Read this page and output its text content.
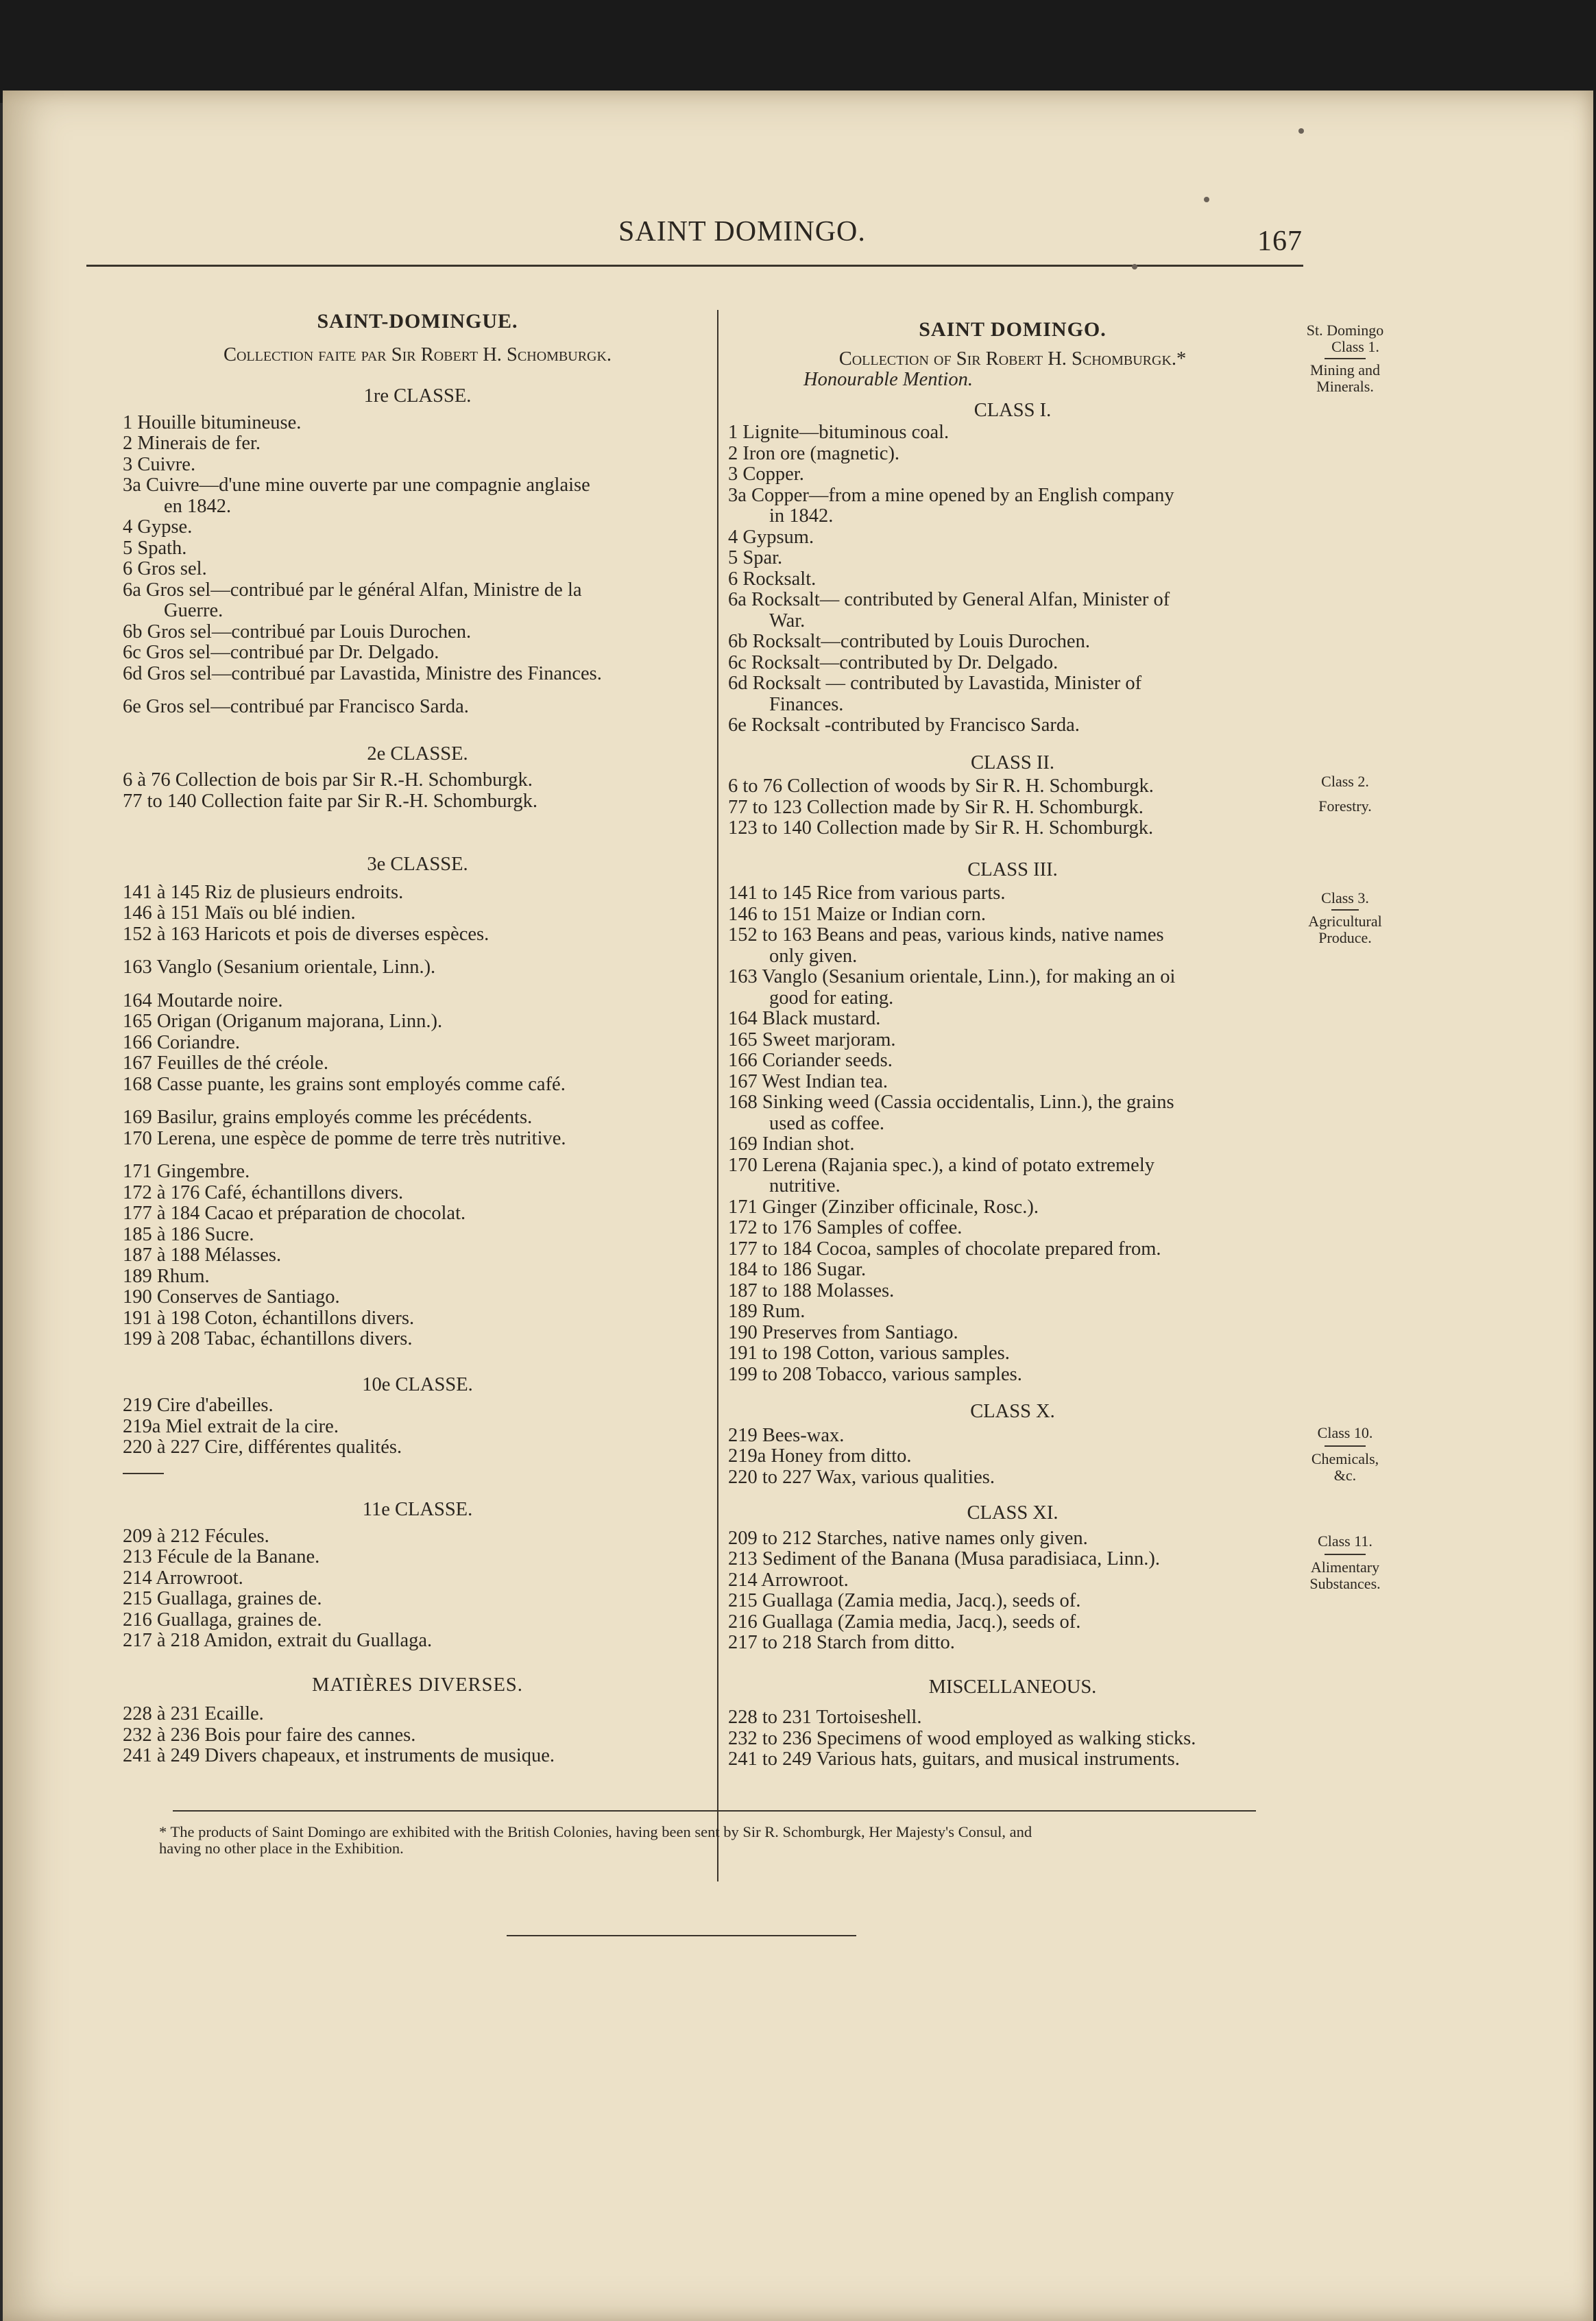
SAINT DOMINGO.	167
SAINT-DOMINGUE.
Collection faite par Sir Robert H. Schomburgk.
1re CLASSE.
1 Houille bitumineuse.
2 Minerais de fer.
3 Cuivre.
3a Cuivre—d'une mine ouverte par une compagnie anglaise
en 1842.
4 Gypse.
5 Spath.
6 Gros sel.
6a Gros sel—contribué par le général Alfan, Ministre de la
Guerre.
6b Gros sel—contribué par Louis Durochen.
6c Gros sel—contribué par Dr. Delgado.
6d Gros sel—contribué par Lavastida, Ministre des Finances.
6e Gros sel—contribué par Francisco Sarda.
2e CLASSE.
6 à 76 Collection de bois par Sir R.-H. Schomburgk.
77 to 140 Collection faite par Sir R.-H. Schomburgk.
3e CLASSE.
141 à 145 Riz de plusieurs endroits.
146 à 151 Maïs ou blé indien.
152 à 163 Haricots et pois de diverses espèces.
163 Vanglo (Sesanium orientale, Linn.).
164 Moutarde noire.
165 Origan (Origanum majorana, Linn.).
166 Coriandre.
167 Feuilles de thé créole.
168 Casse puante, les grains sont employés comme café.
169 Basilur, grains employés comme les précédents.
170 Lerena, une espèce de pomme de terre très nutritive.
171 Gingembre.
172 à 176 Café, échantillons divers.
177 à 184 Cacao et préparation de chocolat.
185 à 186 Sucre.
187 à 188 Mélasses.
189 Rhum.
190 Conserves de Santiago.
191 à 198 Coton, échantillons divers.
199 à 208 Tabac, échantillons divers.
10e CLASSE.
219 Cire d'abeilles.
219a Miel extrait de la cire.
220 à 227 Cire, différentes qualités.
11e CLASSE.
209 à 212 Fécules.
213 Fécule de la Banane.
214 Arrowroot.
215 Guallaga, graines de.
216 Guallaga, graines de.
217 à 218 Amidon, extrait du Guallaga.
MATIÈRES DIVERSES.
228 à 231 Ecaille.
232 à 236 Bois pour faire des cannes.
241 à 249 Divers chapeaux, et instruments de musique.
SAINT DOMINGO.
Collection of Sir Robert H. Schomburgk.*
Honourable Mention.
CLASS I.
1 Lignite—bituminous coal.
2 Iron ore (magnetic).
3 Copper.
3a Copper—from a mine opened by an English company
in 1842.
4 Gypsum.
5 Spar.
6 Rocksalt.
6a Rocksalt— contributed by General Alfan, Minister of
War.
6b Rocksalt—contributed by Louis Durochen.
6c Rocksalt—contributed by Dr. Delgado.
6d Rocksalt — contributed by Lavastida, Minister of
Finances.
6e Rocksalt -contributed by Francisco Sarda.
CLASS II.
6 to 76 Collection of woods by Sir R. H. Schomburgk.
77 to 123 Collection made by Sir R. H. Schomburgk.
123 to 140 Collection made by Sir R. H. Schomburgk.
CLASS III.
141 to 145 Rice from various parts.
146 to 151 Maize or Indian corn.
152 to 163 Beans and peas, various kinds, native names
only given.
163 Vanglo (Sesanium orientale, Linn.), for making an oi
good for eating.
164 Black mustard.
165 Sweet marjoram.
166 Coriander seeds.
167 West Indian tea.
168 Sinking weed (Cassia occidentalis, Linn.), the grains
used as coffee.
169 Indian shot.
170 Lerena (Rajania spec.), a kind of potato extremely
nutritive.
171 Ginger (Zinziber officinale, Rosc.).
172 to 176 Samples of coffee.
177 to 184 Cocoa, samples of chocolate prepared from.
184 to 186 Sugar.
187 to 188 Molasses.
189 Rum.
190 Preserves from Santiago.
191 to 198 Cotton, various samples.
199 to 208 Tobacco, various samples.
CLASS X.
219 Bees-wax.
219a Honey from ditto.
220 to 227 Wax, various qualities.
CLASS XI.
209 to 212 Starches, native names only given.
213 Sediment of the Banana (Musa paradisiaca, Linn.).
214 Arrowroot.
215 Guallaga (Zamia media, Jacq.), seeds of.
216 Guallaga (Zamia media, Jacq.), seeds of.
217 to 218 Starch from ditto.
MISCELLANEOUS.
228 to 231 Tortoiseshell.
232 to 236 Specimens of wood employed as walking sticks.
241 to 249 Various hats, guitars, and musical instruments.
St. Domingo
Class 1.
Mining and
Minerals.
Class 2.
Forestry.
Class 3.
Agricultural
Produce.
Class 10.
Chemicals,
&c.
Class 11.
Alimentary
Substances.
* The products of Saint Domingo are exhibited with the British Colonies, having been sent by Sir R. Schomburgk, Her Majesty's Consul, and
having no other place in the Exhibition.
